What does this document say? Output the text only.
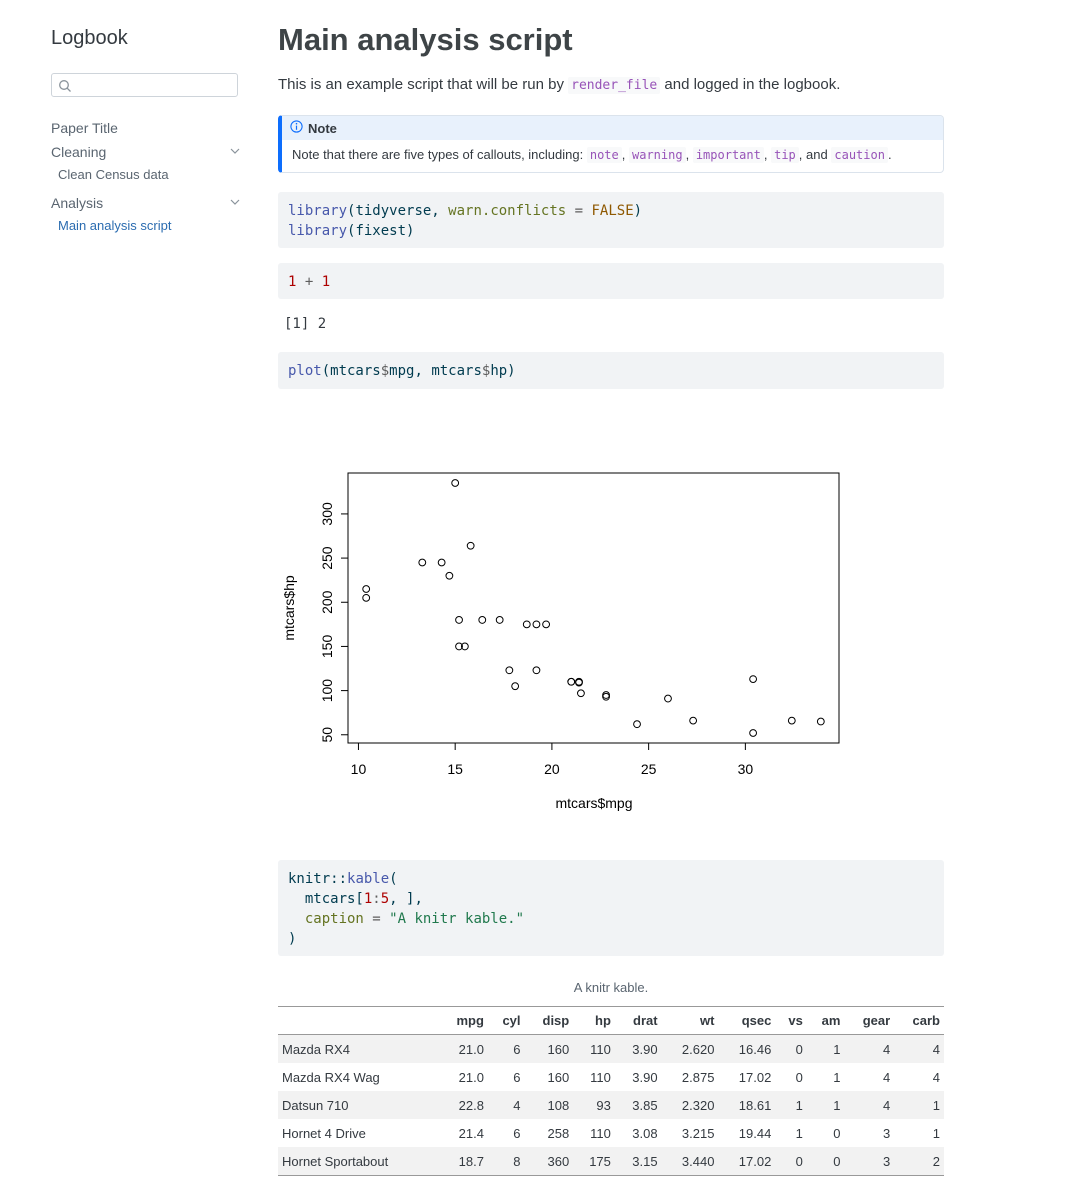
Logbook
Paper Title
Cleaning
Clean Census data
Analysis
Main analysis script
Main analysis script
This is an example script that will be run by render_file and logged in the logbook.
Note
Note that there are five types of callouts, including: note , warning , important , tip , and caution .
library(tidyverse, warn.conflicts = FALSE)
library(fixest)
1 + 1
[1] 2
plot(mtcars$mpg, mtcars$hp)
10	15	20	25	30
50
100
150
200
250
300
mtcars$mpg
mtcars$hp
knitr::kable(
mtcars[1:5, ],
caption = "A knitr kable."
)
A knitr kable.
	mpg	cyl	disp	hp	drat	wt	qsec	vs	am	gear	carb
Mazda RX4	21.0	6	160	110	3.90	2.620	16.46	0	1	4	4
Mazda RX4 Wag	21.0	6	160	110	3.90	2.875	17.02	0	1	4	4
Datsun 710	22.8	4	108	93	3.85	2.320	18.61	1	1	4	1
Hornet 4 Drive	21.4	6	258	110	3.08	3.215	19.44	1	0	3	1
Hornet Sportabout	18.7	8	360	175	3.15	3.440	17.02	0	0	3	2
